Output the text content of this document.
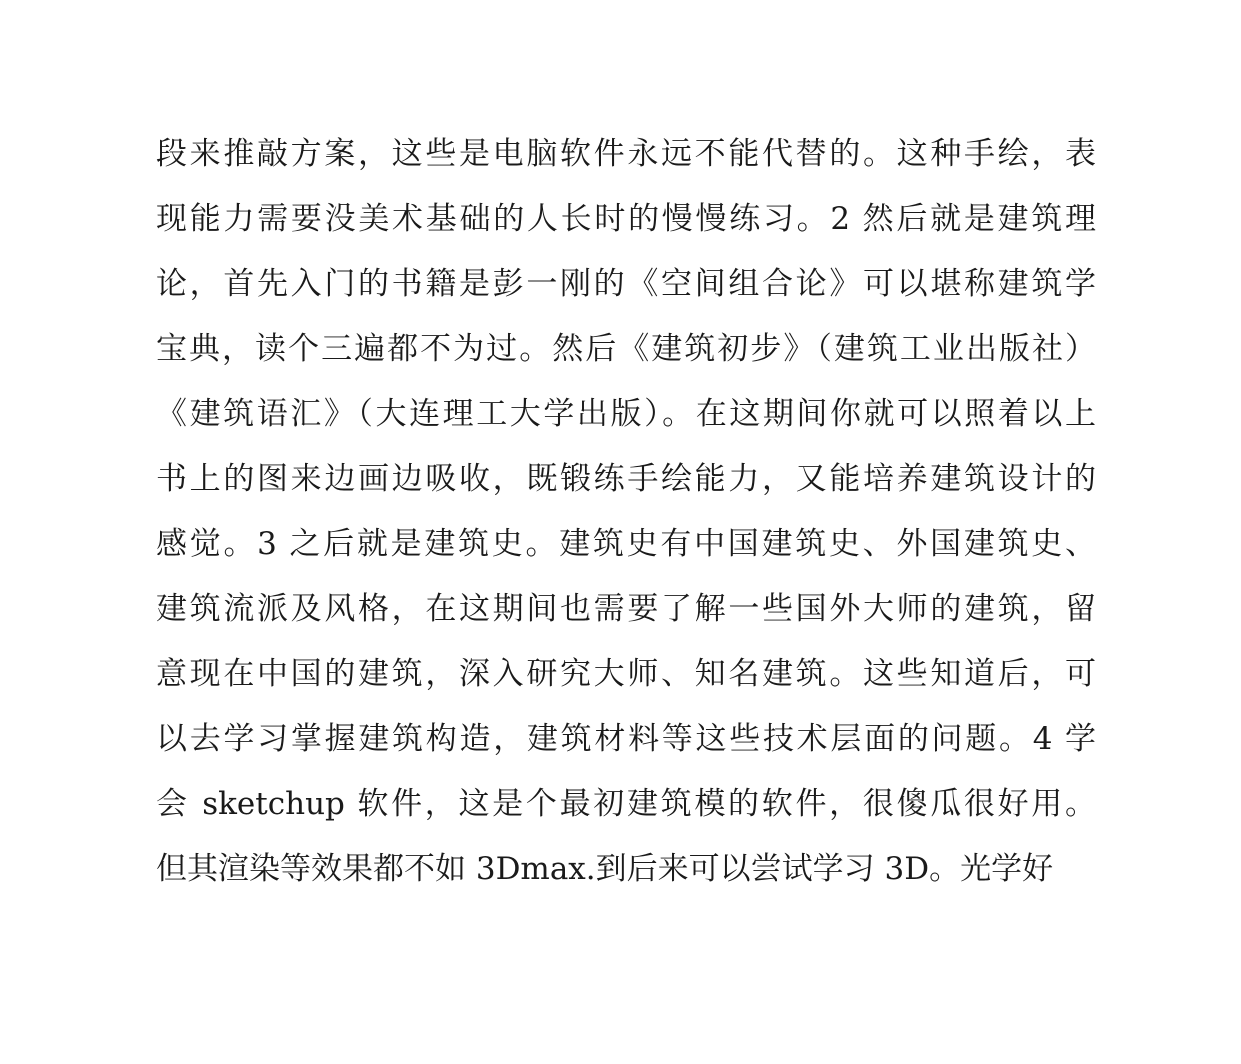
段来推敲方案，这些是电脑软件永远不能代替的。这种手绘，表
现能力需要没美术基础的人长时的慢慢练习。2 然后就是建筑理
论，首先入门的书籍是彭一刚的《空间组合论》可以堪称建筑学
宝典，读个三遍都不为过。然后《建筑初步》（建筑工业出版社）
《建筑语汇》（大连理工大学出版）。在这期间你就可以照着以上
书上的图来边画边吸收，既锻练手绘能力，又能培养建筑设计的
感觉。3 之后就是建筑史。建筑史有中国建筑史、外国建筑史、
建筑流派及风格，在这期间也需要了解一些国外大师的建筑，留
意现在中国的建筑，深入研究大师、知名建筑。这些知道后，可
以去学习掌握建筑构造，建筑材料等这些技术层面的问题。4 学
会 sketchup 软件，这是个最初建筑模的软件，很傻瓜很好用。
但其渲染等效果都不如 3Dmax.到后来可以尝试学习 3D。光学好
